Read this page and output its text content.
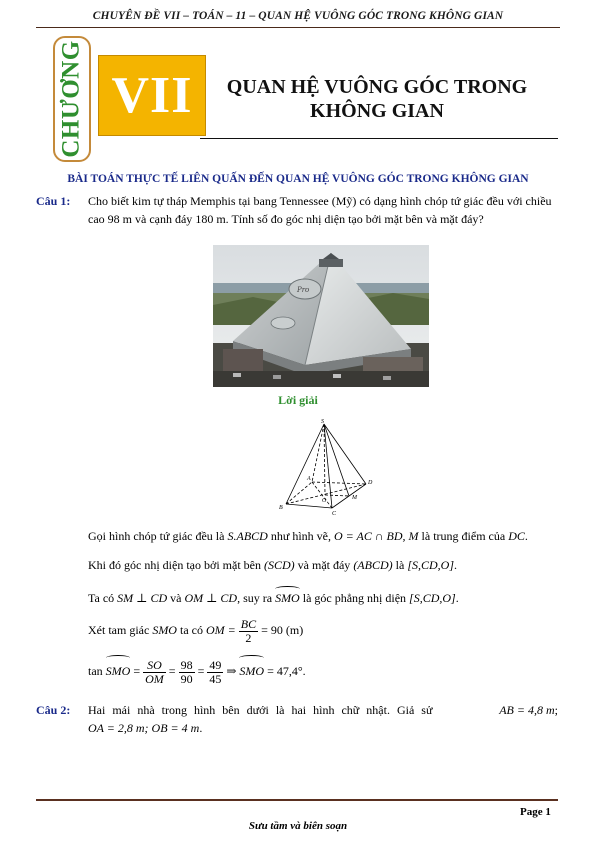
CHUYÊN ĐỀ VII – TOÁN – 11 – QUAN HỆ VUÔNG GÓC TRONG KHÔNG GIAN
CHƯƠNG VII	QUAN HỆ VUÔNG GÓC TRONG
KHÔNG GIAN
BÀI TOÁN THỰC TẾ LIÊN QUẤN ĐẾN QUAN HỆ VUÔNG GÓC TRONG KHÔNG GIAN
Câu 1:	Cho biết kim tự tháp Memphis tại bang Tennessee (Mỹ) có dạng hình chóp tứ giác đều với chiều
cao 98 m và cạnh đáy 180 m. Tính số đo góc nhị diện tạo bởi mặt bên và mặt đáy?
Pro
Lời giải
S
A
B
C
D
M
O
Gọi hình chóp tứ giác đều là S.ABCD như hình vẽ, O = AC ∩ BD, M là trung điểm của DC.
Khi đó góc nhị diện tạo bởi mặt bên (SCD) và mặt đáy (ABCD) là [S,CD,O].
Ta có SM ⊥ CD và OM ⊥ CD, suy ra SMO là góc phẳng nhị diện [S,CD,O].
Xét tam giác SMO ta có OM = $\frac{BC}{2} = 90$ (m)
tan SMO = $\frac{SO}{OM} = \frac{98}{90} = \frac{49}{45}$ ⇒ SMO = 47,4°.
Câu 2:	Hai mái nhà trong hình bên dưới là hai hình chữ nhật. Giả sử	AB = 4,8 m;
OA = 2,8 m; OB = 4 m.
Page 1
Sưu tầm và biên soạn
